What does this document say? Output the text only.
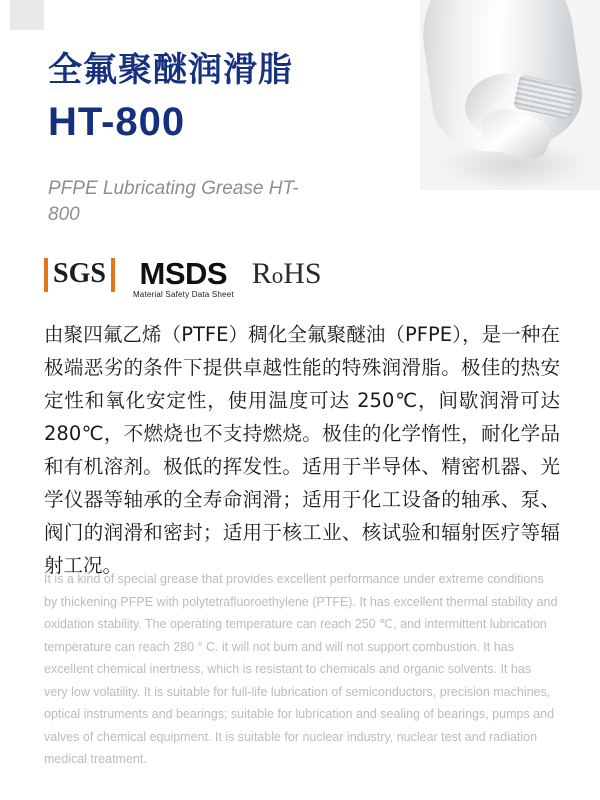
全氟聚醚润滑脂
HT-800
PFPE Lubricating Grease HT-800
SGS MSDS
Material Safety Data Sheet
RoHS
由聚四氟乙烯（PTFE）稠化全氟聚醚油（PFPE），是一种在极端恶劣的条件下提供卓越性能的特殊润滑脂。极佳的热安定性和氧化安定性，使用温度可达 250℃，间歇润滑可达 280℃，不燃烧也不支持燃烧。极佳的化学惰性，耐化学品和有机溶剂。极低的挥发性。适用于半导体、精密机器、光学仪器等轴承的全寿命润滑；适用于化工设备的轴承、泵、阀门的润滑和密封；适用于核工业、核试验和辐射医疗等辐射工况。
It is a kind of special grease that provides excellent performance under extreme conditions by thickening PFPE with polytetrafluoroethylene (PTFE). It has excellent thermal stability and oxidation stability. The operating temperature can reach 250 ℃, and intermittent lubrication temperature can reach 280 ° C. it will not bum and will not support combustion. It has excellent chemical inertness, which is resistant to chemicals and organic solvents. It has very low volatility. It is suitable for full-life lubrication of semiconductors, precision machines, optical instruments and bearings; suitable for lubrication and sealing of bearings, pumps and valves of chemical equipment. It is suitable for nuclear industry, nuclear test and radiation medical treatment.
